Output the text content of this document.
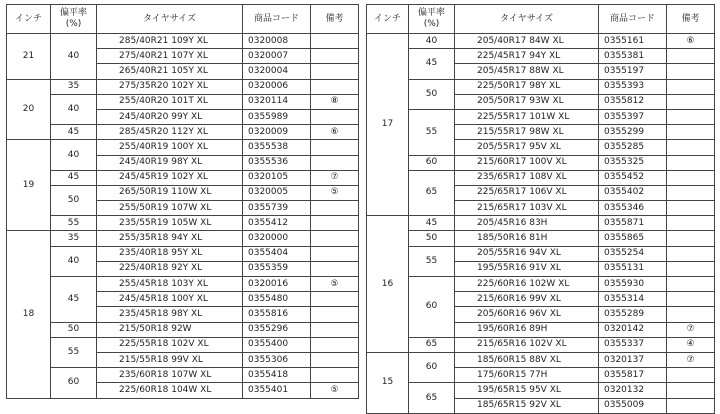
インチ	偏平率
(%)	タイヤサイズ	商品コード	備考
21	40	285/40R21 109Y XL	0320008	
		275/40R21 107Y XL	0320007	
		265/40R21 105Y XL	0320004	
20	35	275/35R20 102Y XL	0320006	
	40	255/40R20 101T XL	0320114	⑧
		245/40R20 99Y XL	0355989	
	45	285/45R20 112Y XL	0320009	⑥
19	40	255/40R19 100Y XL	0355538	
		245/40R19 98Y XL	0355536	
	45	245/45R19 102Y XL	0320105	⑦
	50	265/50R19 110W XL	0320005	⑤
		255/50R19 107W XL	0355739	
	55	235/55R19 105W XL	0355412	
18	35	255/35R18 94Y XL	0320000	
	40	235/40R18 95Y XL	0355404	
		225/40R18 92Y XL	0355359	
	45	255/45R18 103Y XL	0320016	⑤
		245/45R18 100Y XL	0355480	
		235/45R18 98Y XL	0355816	
	50	215/50R18 92W	0355296	
	55	225/55R18 102V XL	0355400	
		215/55R18 99V XL	0355306	
	60	235/60R18 107W XL	0355418	
		225/60R18 104W XL	0355401	⑤
インチ	偏平率
(%)	タイヤサイズ	商品コード	備考
17	40	205/40R17 84W XL	0355161	⑥
	45	225/45R17 94Y XL	0355381	
		205/45R17 88W XL	0355197	
	50	225/50R17 98Y XL	0355393	
		205/50R17 93W XL	0355812	
	55	225/55R17 101W XL	0355397	
		215/55R17 98W XL	0355299	
		205/55R17 95V XL	0355285	
	60	215/60R17 100V XL	0355325	
	65	235/65R17 108V XL	0355452	
		225/65R17 106V XL	0355402	
		215/65R17 103V XL	0355346	
16	45	205/45R16 83H	0355871	
	50	185/50R16 81H	0355865	
	55	205/55R16 94V XL	0355254	
		195/55R16 91V XL	0355131	
	60	225/60R16 102W XL	0355930	
		215/60R16 99V XL	0355314	
		205/60R16 96V XL	0355289	
		195/60R16 89H	0320142	⑦
	65	215/65R16 102V XL	0355337	④
15	60	185/60R15 88V XL	0320137	⑦
		175/60R15 77H	0355817	
	65	195/65R15 95V XL	0320132	
		185/65R15 92V XL	0355009	
